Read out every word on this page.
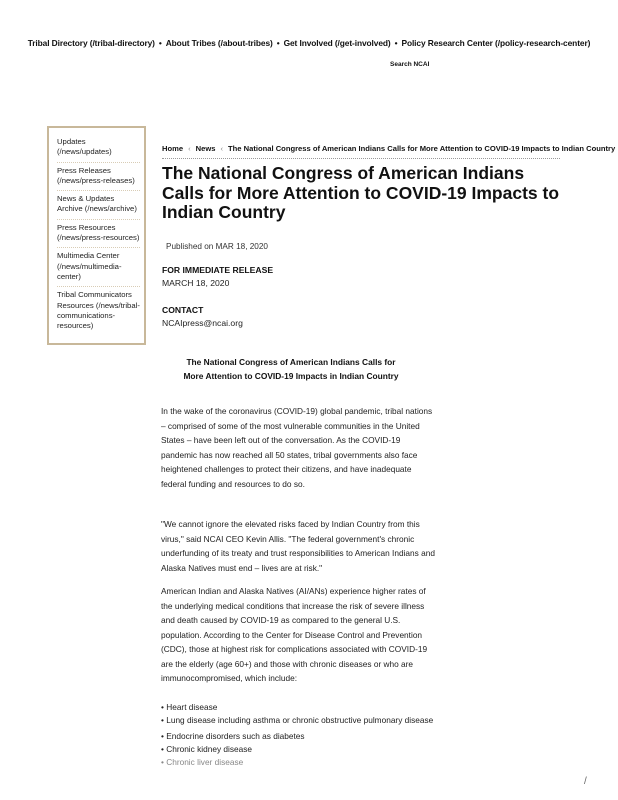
Tribal Directory (/tribal-directory) • About Tribes (/about-tribes) • Get Involved (/get-involved) • Policy Research Center (/policy-research-center)
Search NCAI
Updates (/news/updates)
Press Releases (/news/press-releases)
News & Updates Archive (/news/archive)
Press Resources (/news/press-resources)
Multimedia Center (/news/multimedia-center)
Tribal Communicators Resources (/news/tribal-communications-resources)
Home ‹ News ‹ The National Congress of American Indians Calls for More Attention to COVID-19 Impacts to Indian Country
The National Congress of American Indians Calls for More Attention to COVID-19 Impacts to Indian Country
Published on MAR 18, 2020
FOR IMMEDIATE RELEASE
MARCH 18, 2020
CONTACT
NCAIpress@ncai.org
The National Congress of American Indians Calls for
More Attention to COVID-19 Impacts in Indian Country

In the wake of the coronavirus (COVID-19) global pandemic, tribal nations – comprised of some of the most vulnerable communities in the United States – have been left out of the conversation. As the COVID-19 pandemic has now reached all 50 states, tribal governments also face heightened challenges to protect their citizens, and have inadequate federal funding and resources to do so.

"We cannot ignore the elevated risks faced by Indian Country from this virus," said NCAI CEO Kevin Allis. "The federal government's chronic underfunding of its treaty and trust responsibilities to American Indians and Alaska Natives must end – lives are at risk."

American Indian and Alaska Natives (AI/ANs) experience higher rates of the underlying medical conditions that increase the risk of severe illness and death caused by COVID-19 as compared to the general U.S. population. According to the Center for Disease Control and Prevention (CDC), those at highest risk for complications associated with COVID-19 are the elderly (age 60+) and those with chronic diseases or who are immunocompromised, which include:

• Heart disease
• Lung disease including asthma or chronic obstructive pulmonary disease
• Endocrine disorders such as diabetes
• Chronic kidney disease
• Chronic liver disease
/
